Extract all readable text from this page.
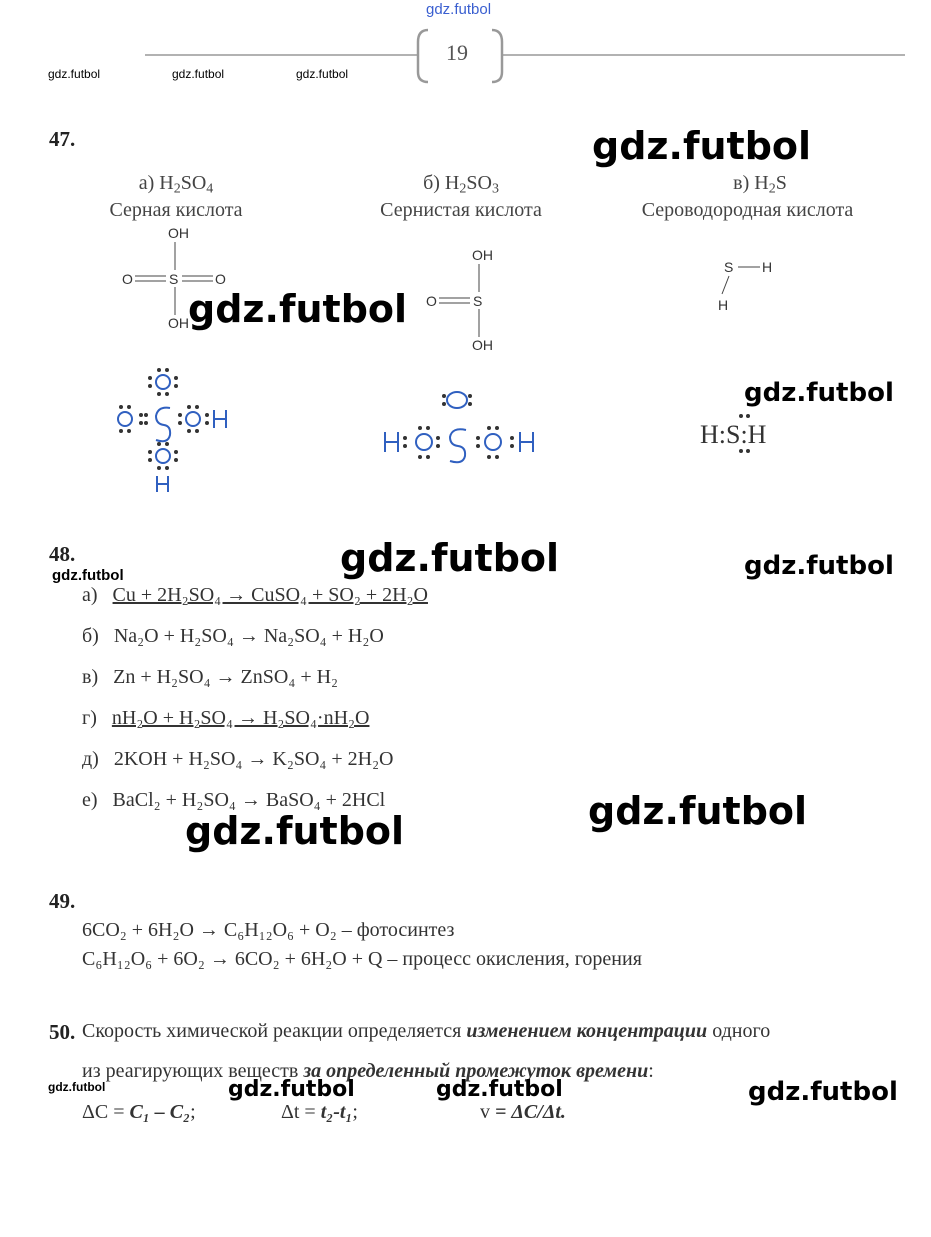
gdz.futbol
19
gdz.futbol	gdz.futbol	gdz.futbol
47.	gdz.futbol
а) $H_2SO_4$
Серная кислота
б) $H_2SO_3$
Сернистая кислота
в) $H_2S$
Сероводородная кислота
OH
O	S	O
OH
OH
O	S
OH
S H
H
gdz.futbol
gdz.futbol
H:S:H
48.	gdz.futbol	gdz.futbol
gdz.futbol
а) Cu + 2H₂SO₄ → CuSO₄ + SO₂ + 2H₂O
б) Na₂O + H₂SO₄ → Na₂SO₄ + H₂O
в) Zn + H₂SO₄ → ZnSO₄ + H₂
г) nH₂O + H₂SO₄ → H₂SO₄·nH₂O
д) 2KOH + H₂SO₄ → K₂SO₄ + 2H₂O
е) BaCl₂ + H₂SO₄ → BaSO₄ + 2HCl	gdz.futbol
gdz.futbol
49.
6CO₂ + 6H₂O → C₆H₁₂O₆ + O₂ – фотосинтез
C₆H₁₂O₆ + 6O₂ → 6CO₂ + 6H₂O + Q – процесс окисления, горения
50. Скорость химической реакции определяется изменением концентрации одного
из реагирующих веществ за определенный промежуток времени:
gdz.futbol	gdz.futbol	gdz.futbol	gdz.futbol
ΔC = C₁ – C₂;	Δt = t₂-t₁;	v = ΔC/Δt.
